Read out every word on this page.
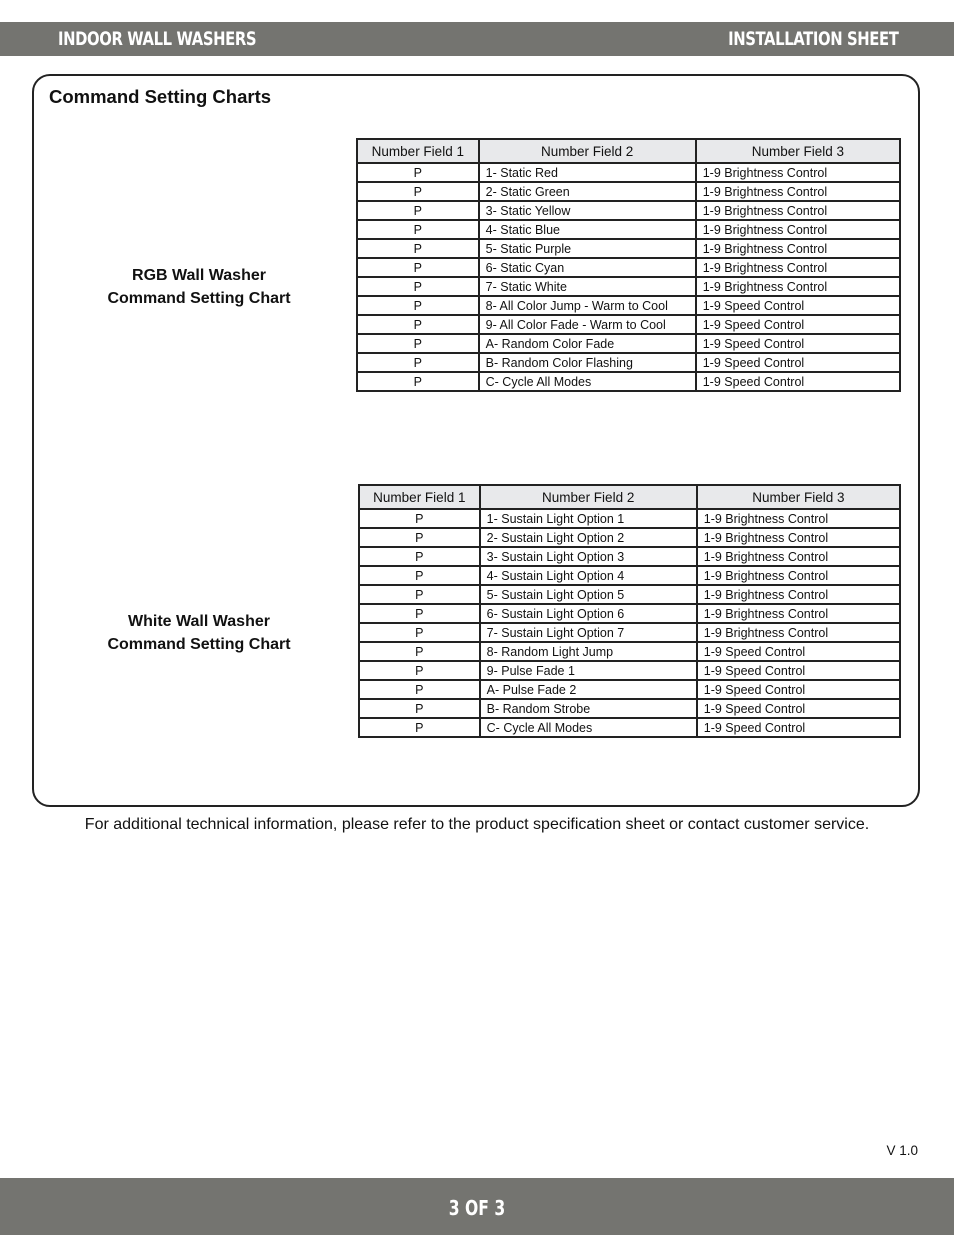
INDOOR WALL WASHERS	INSTALLATION SHEET
Command Setting Charts
RGB Wall Washer
Command Setting Chart
Number Field 1	Number Field 2	Number Field 3
P	1- Static Red	1-9 Brightness Control
P	2- Static Green	1-9 Brightness Control
P	3- Static Yellow	1-9 Brightness Control
P	4- Static Blue	1-9 Brightness Control
P	5- Static Purple	1-9 Brightness Control
P	6- Static Cyan	1-9 Brightness Control
P	7- Static White	1-9 Brightness Control
P	8- All Color Jump - Warm to Cool	1-9 Speed Control
P	9- All Color Fade - Warm to Cool	1-9 Speed Control
P	A- Random Color Fade	1-9 Speed Control
P	B- Random Color Flashing	1-9 Speed Control
P	C- Cycle All Modes	1-9 Speed Control
White Wall Washer
Command Setting Chart
Number Field 1	Number Field 2	Number Field 3
P	1- Sustain Light Option 1	1-9 Brightness Control
P	2- Sustain Light Option 2	1-9 Brightness Control
P	3- Sustain Light Option 3	1-9 Brightness Control
P	4- Sustain Light Option 4	1-9 Brightness Control
P	5- Sustain Light Option 5	1-9 Brightness Control
P	6- Sustain Light Option 6	1-9 Brightness Control
P	7- Sustain Light Option 7	1-9 Brightness Control
P	8- Random Light Jump	1-9 Speed Control
P	9- Pulse Fade 1	1-9 Speed Control
P	A- Pulse Fade 2	1-9 Speed Control
P	B- Random Strobe	1-9 Speed Control
P	C- Cycle All Modes	1-9 Speed Control
For additional technical information, please refer to the product specification sheet or contact customer service.
V 1.0
3 OF 3
